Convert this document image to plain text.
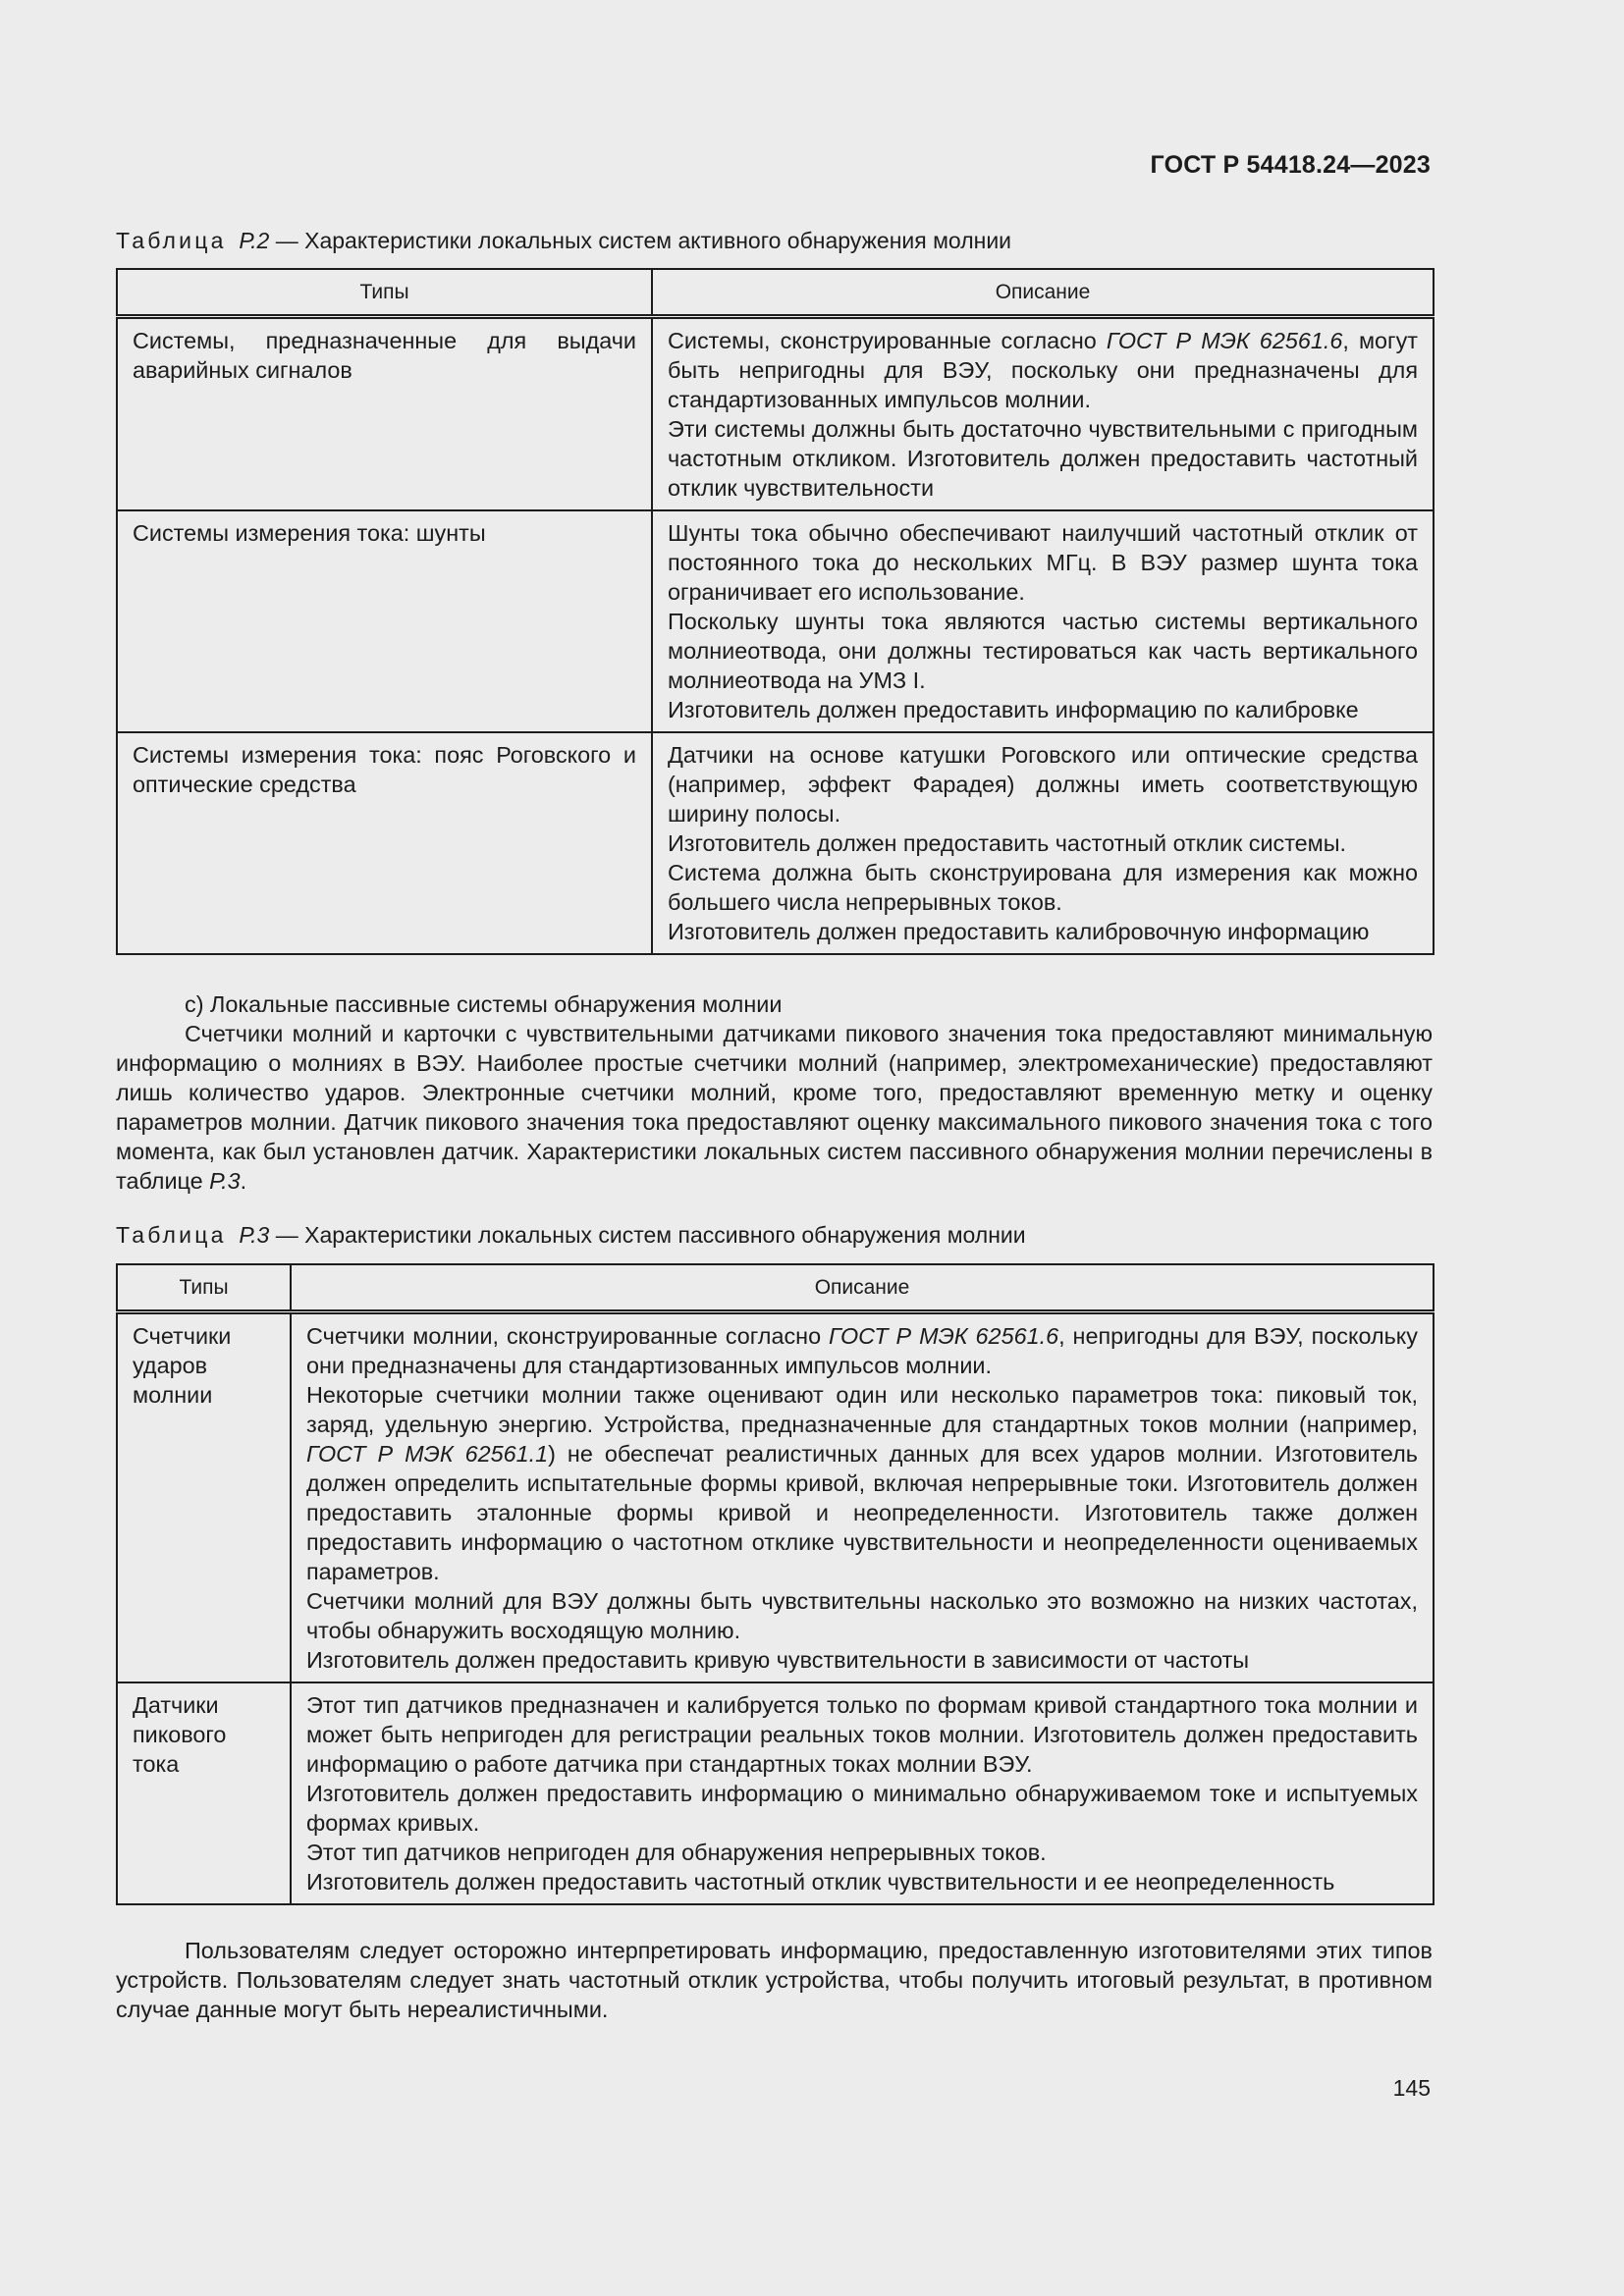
ГОСТ Р 54418.24—2023
Таблица Р.2 — Характеристики локальных систем активного обнаружения молнии
Типы	Описание

Системы, предназначенные для выдачи аварийных сигналов	Системы, сконструированные согласно ГОСТ Р МЭК 62561.6, могут быть непригодны для ВЭУ, поскольку они предназначены для стандартизованных импульсов молнии.

Эти системы должны быть достаточно чувствительными с пригодным частотным откликом. Изготовитель должен предоставить частотный отклик чувствительности

Системы измерения тока: шунты	Шунты тока обычно обеспечивают наилучший частотный отклик от постоянного тока до нескольких МГц. В ВЭУ размер шунта тока ограничивает его использование.

Поскольку шунты тока являются частью системы вертикального молниеотвода, они должны тестироваться как часть вертикального молниеотвода на УМЗ I.

Изготовитель должен предоставить информацию по калибровке

Системы измерения тока: пояс Роговского и оптические средства	Датчики на основе катушки Роговского или оптические средства (например, эффект Фарадея) должны иметь соответствующую ширину полосы.

Изготовитель должен предоставить частотный отклик системы.

Система должна быть сконструирована для измерения как можно большего числа непрерывных токов.

Изготовитель должен предоставить калибровочную информацию

с) Локальные пассивные системы обнаружения молнии

Счетчики молний и карточки с чувствительными датчиками пикового значения тока предоставляют минимальную информацию о молниях в ВЭУ. Наиболее простые счетчики молний (например, электромеханические) предоставляют лишь количество ударов. Электронные счетчики молний, кроме того, предоставляют временную метку и оценку параметров молнии. Датчик пикового значения тока предоставляют оценку максимального пикового значения тока с того момента, как был установлен датчик. Характеристики локальных систем пассивного обнаружения молнии перечислены в таблице Р.3.

Таблица Р.3 — Характеристики локальных систем пассивного обнаружения молнии
Типы	Описание

Счетчики ударов молнии	Счетчики молнии, сконструированные согласно ГОСТ Р МЭК 62561.6, непригодны для ВЭУ, поскольку они предназначены для стандартизованных импульсов молнии.

Некоторые счетчики молнии также оценивают один или несколько параметров тока: пиковый ток, заряд, удельную энергию. Устройства, предназначенные для стандартных токов молнии (например, ГОСТ Р МЭК 62561.1) не обеспечат реалистичных данных для всех ударов молнии. Изготовитель должен определить испытательные формы кривой, включая непрерывные токи. Изготовитель должен предоставить эталонные формы кривой и неопределенности. Изготовитель также должен предоставить информацию о частотном отклике чувствительности и неопределенности оцениваемых параметров.

Счетчики молний для ВЭУ должны быть чувствительны насколько это возможно на низких частотах, чтобы обнаружить восходящую молнию.

Изготовитель должен предоставить кривую чувствительности в зависимости от частоты

Датчики пикового тока	Этот тип датчиков предназначен и калибруется только по формам кривой стандартного тока молнии и может быть непригоден для регистрации реальных токов молнии. Изготовитель должен предоставить информацию о работе датчика при стандартных токах молнии ВЭУ.

Изготовитель должен предоставить информацию о минимально обнаруживаемом токе и испытуемых формах кривых.

Этот тип датчиков непригоден для обнаружения непрерывных токов.

Изготовитель должен предоставить частотный отклик чувствительности и ее неопределенность

Пользователям следует осторожно интерпретировать информацию, предоставленную изготовителями этих типов устройств. Пользователям следует знать частотный отклик устройства, чтобы получить итоговый результат, в противном случае данные могут быть нереалистичными.

145
